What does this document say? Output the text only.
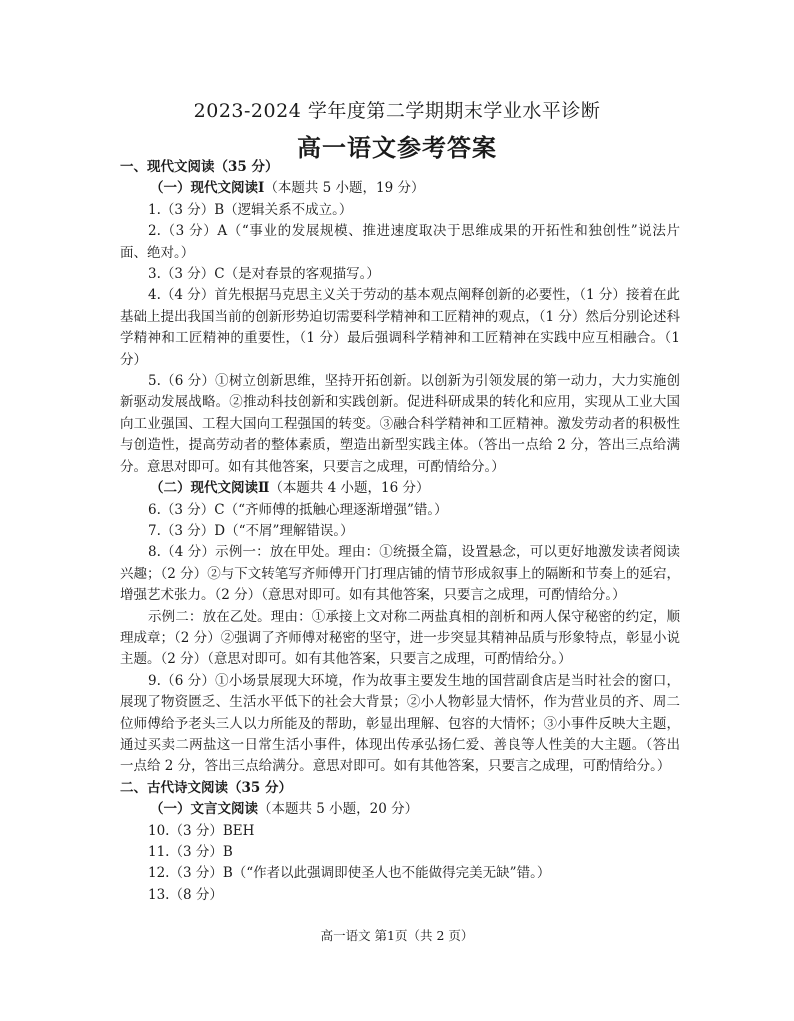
2023-2024 学年度第二学期期末学业水平诊断
高一语文参考答案

一、现代文阅读（35 分）

（一）现代文阅读Ⅰ（本题共 5 小题，19 分）

1.（3 分）B（逻辑关系不成立。）

2.（3 分）A（“事业的发展规模、推进速度取决于思维成果的开拓性和独创性”说法片面、绝对。）

3.（3 分）C（是对春景的客观描写。）

4.（4 分）首先根据马克思主义关于劳动的基本观点阐释创新的必要性，（1 分）接着在此基础上提出我国当前的创新形势迫切需要科学精神和工匠精神的观点，（1 分）然后分别论述科学精神和工匠精神的重要性，（1 分）最后强调科学精神和工匠精神在实践中应互相融合。（1 分）

5.（6 分）①树立创新思维，坚持开拓创新。以创新为引领发展的第一动力，大力实施创新驱动发展战略。②推动科技创新和实践创新。促进科研成果的转化和应用，实现从工业大国向工业强国、工程大国向工程强国的转变。③融合科学精神和工匠精神。激发劳动者的积极性与创造性，提高劳动者的整体素质，塑造出新型实践主体。（答出一点给 2 分，答出三点给满分。意思对即可。如有其他答案，只要言之成理，可酌情给分。）

（二）现代文阅读Ⅱ（本题共 4 小题，16 分）

6.（3 分）C（“齐师傅的抵触心理逐渐增强”错。）

7.（3 分）D（“不屑”理解错误。）

8.（4 分）示例一：放在甲处。理由：①统摄全篇，设置悬念，可以更好地激发读者阅读兴趣；（2 分）②与下文转笔写齐师傅开门打理店铺的情节形成叙事上的隔断和节奏上的延宕，增强艺术张力。（2 分）（意思对即可。如有其他答案，只要言之成理，可酌情给分。）

示例二：放在乙处。理由：①承接上文对称二两盐真相的剖析和两人保守秘密的约定，顺理成章；（2 分）②强调了齐师傅对秘密的坚守，进一步突显其精神品质与形象特点，彰显小说主题。（2 分）（意思对即可。如有其他答案，只要言之成理，可酌情给分。）

9.（6 分）①小场景展现大环境，作为故事主要发生地的国营副食店是当时社会的窗口，展现了物资匮乏、生活水平低下的社会大背景；②小人物彰显大情怀，作为营业员的齐、周二位师傅给予老头三人以力所能及的帮助，彰显出理解、包容的大情怀；③小事件反映大主题，通过买卖二两盐这一日常生活小事件，体现出传承弘扬仁爱、善良等人性美的大主题。（答出一点给 2 分，答出三点给满分。意思对即可。如有其他答案，只要言之成理，可酌情给分。）

二、古代诗文阅读（35 分）

（一）文言文阅读（本题共 5 小题，20 分）

10.（3 分）BEH

11.（3 分）B

12.（3 分）B（“作者以此强调即使圣人也不能做得完美无缺”错。）

13.（8 分）

高一语文 第1页（共 2 页）
